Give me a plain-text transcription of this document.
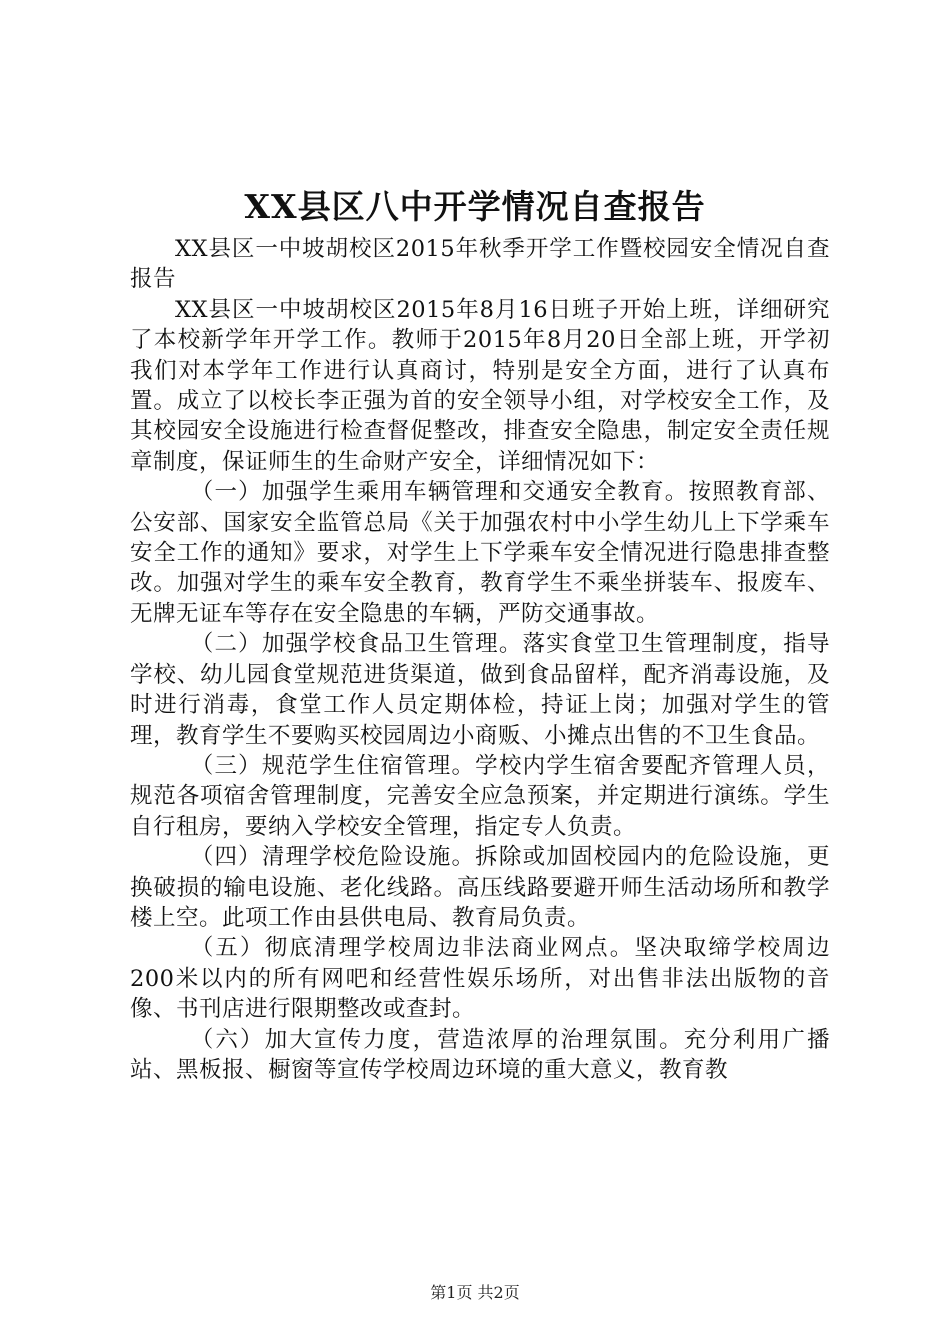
XX县区八中开学情况自查报告

XX县区一中坡胡校区2015年秋季开学工作暨校园安全情况自查报告

XX县区一中坡胡校区2015年8月16日班子开始上班，详细研究了本校新学年开学工作。教师于2015年8月20日全部上班，开学初我们对本学年工作进行认真商讨，特别是安全方面，进行了认真布置。成立了以校长李正强为首的安全领导小组，对学校安全工作，及其校园安全设施进行检查督促整改，排查安全隐患，制定安全责任规章制度，保证师生的生命财产安全，详细情况如下：

（一）加强学生乘用车辆管理和交通安全教育。按照教育部、公安部、国家安全监管总局《关于加强农村中小学生幼儿上下学乘车安全工作的通知》要求，对学生上下学乘车安全情况进行隐患排查整改。加强对学生的乘车安全教育，教育学生不乘坐拼装车、报废车、无牌无证车等存在安全隐患的车辆，严防交通事故。

（二）加强学校食品卫生管理。落实食堂卫生管理制度，指导学校、幼儿园食堂规范进货渠道，做到食品留样，配齐消毒设施，及时进行消毒，食堂工作人员定期体检，持证上岗；加强对学生的管理，教育学生不要购买校园周边小商贩、小摊点出售的不卫生食品。

（三）规范学生住宿管理。学校内学生宿舍要配齐管理人员，规范各项宿舍管理制度，完善安全应急预案，并定期进行演练。学生自行租房，要纳入学校安全管理，指定专人负责。

（四）清理学校危险设施。拆除或加固校园内的危险设施，更换破损的输电设施、老化线路。高压线路要避开师生活动场所和教学楼上空。此项工作由县供电局、教育局负责。

（五）彻底清理学校周边非法商业网点。坚决取缔学校周边200米以内的所有网吧和经营性娱乐场所，对出售非法出版物的音像、书刊店进行限期整改或查封。

（六）加大宣传力度，营造浓厚的治理氛围。充分利用广播站、黑板报、橱窗等宣传学校周边环境的重大意义，教育教

第1页 共2页
